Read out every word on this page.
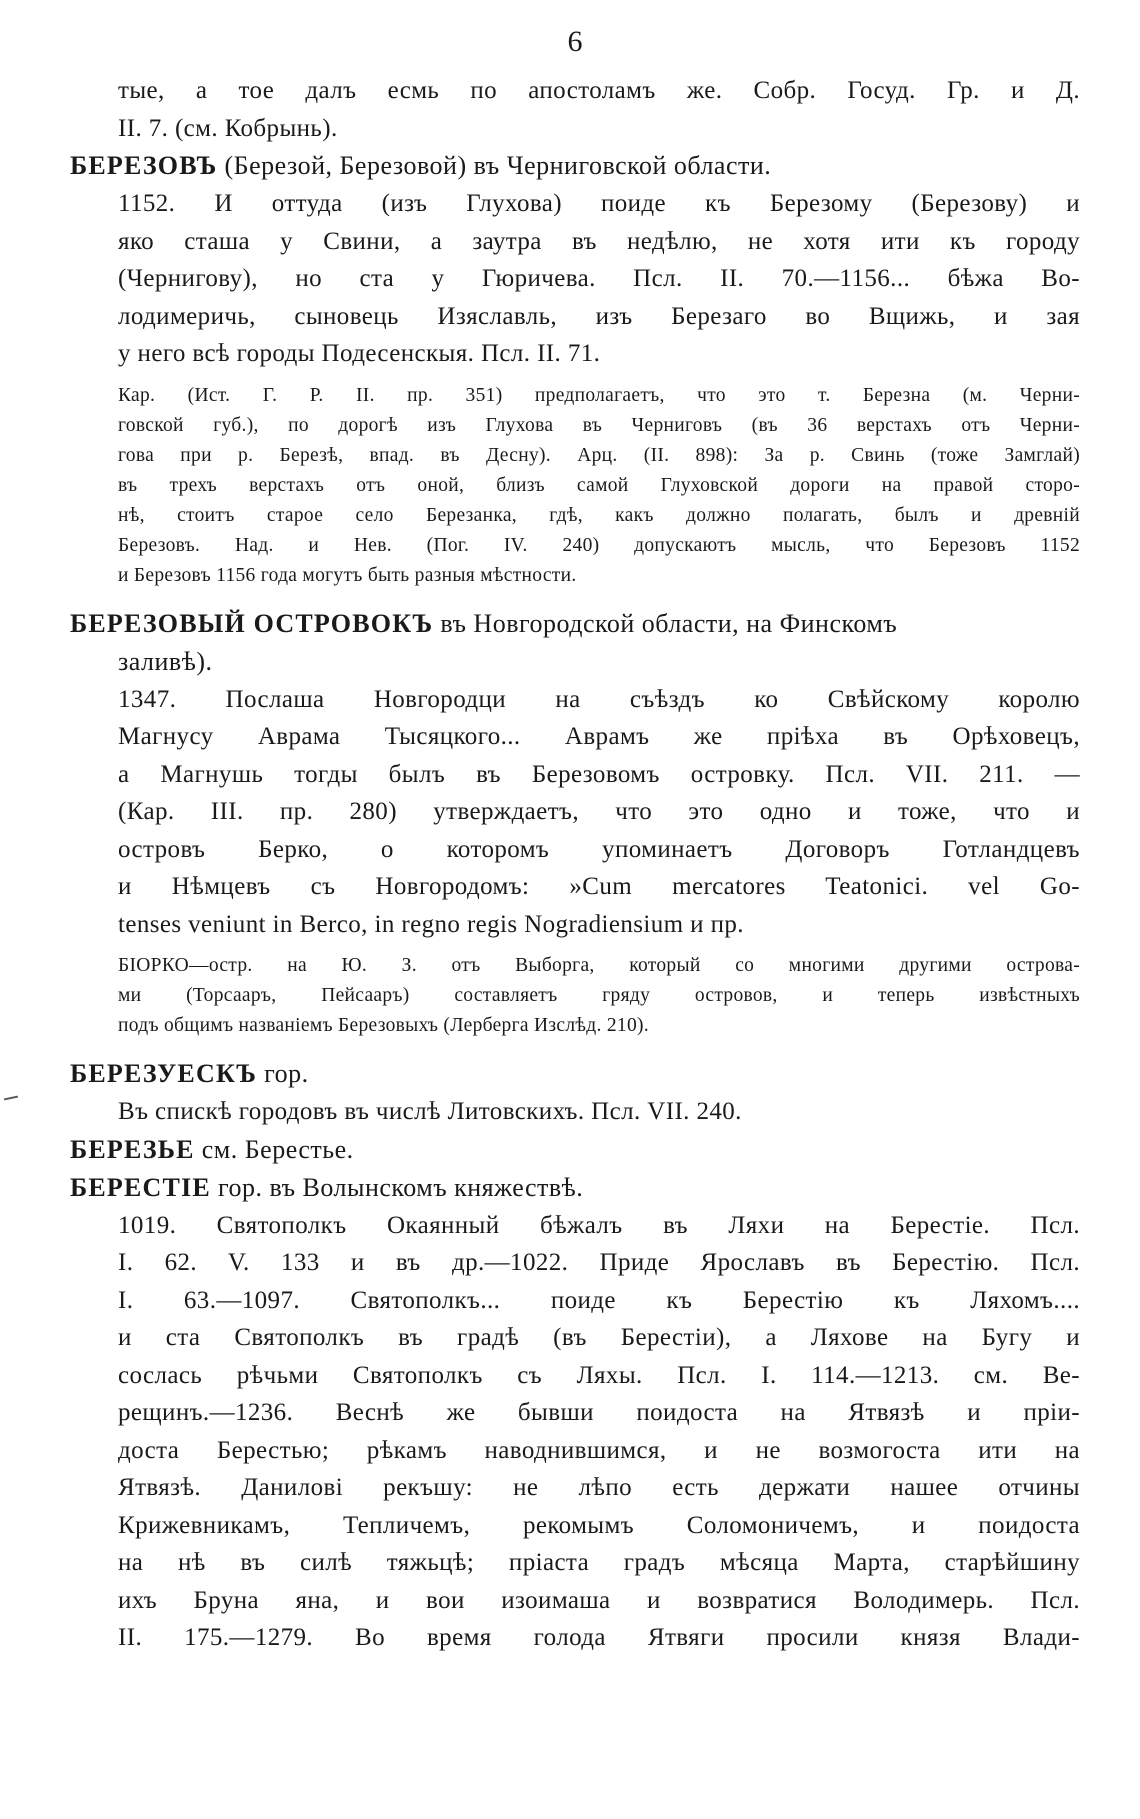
6
тые, а тое далъ есмь по апостоламъ же. Собр. Госуд. Гр. и Д.
II. 7. (см. Кобрынь).
БЕРЕЗОВЪ (Березой, Березовой) въ Черниговской области.
1152. И оттуда (изъ Глухова) поиде къ Березому (Березову) и
яко сташа у Свини, а заутра въ недѣлю, не хотя ити къ городу
(Чернигову), но ста у Гюричева. Псл. II. 70.—1156... бѣжа Во-
лодимеричь, сыновець Изяславль, изъ Березаго во Вщижь, и зая
у него всѣ городы Подесенскыя. Псл. II. 71.
Кар. (Ист. Г. Р. II. пр. 351) предполагаетъ, что это т. Березна (м. Черни-
говской губ.), по дорогѣ изъ Глухова въ Черниговъ (въ 36 верстахъ отъ Черни-
гова при р. Березѣ, впад. въ Десну). Арц. (II. 898): За р. Свинь (тоже Замглай)
въ трехъ верстахъ отъ оной, близъ самой Глуховской дороги на правой сторо-
нѣ, стоитъ старое село Березанка, гдѣ, какъ должно полагать, былъ и древній
Березовъ. Над. и Нев. (Пог. IV. 240) допускаютъ мысль, что Березовъ 1152
и Березовъ 1156 года могутъ быть разныя мѣстности.
БЕРЕЗОВЫЙ ОСТРОВОКЪ въ Новгородской области, на Финскомъ
заливѣ).
1347. Послаша Новгородци на съѣздъ ко Свѣйскому королю
Магнусу Аврама Тысяцкого... Аврамъ же пріѣха въ Орѣховецъ,
а Магнушь тогды былъ въ Березовомъ островку. Псл. VII. 211. —
(Кар. III. пр. 280) утверждаетъ, что это одно и тоже, что и
островъ Берко, о которомъ упоминаетъ Договоръ Готландцевъ
и Нѣмцевъ съ Новгородомъ: »Cum mercatores Teatonici. vel Go-
tenses veniunt in Berco, in regno regis Nogradiensium и пр.
БІОРКО—остр. на Ю. З. отъ Выборга, который со многими другими острова-
ми (Торсааръ, Пейсааръ) составляетъ гряду островов, и теперь извѣстныхъ
подъ общимъ названіемъ Березовыхъ (Лерберга Изслѣд. 210).
БЕРЕЗУЕСКЪ гор.
Въ спискѣ городовъ въ числѣ Литовскихъ. Псл. VII. 240.
БЕРЕЗЬЕ см. Берестье.
БЕРЕСТІЕ гор. въ Волынскомъ княжествѣ.
1019. Святополкъ Окаянный бѣжалъ въ Ляхи на Берестіе. Псл.
I. 62. V. 133 и въ др.—1022. Приде Ярославъ въ Берестію. Псл.
I. 63.—1097. Святополкъ... поиде къ Берестію къ Ляхомъ....
и ста Святополкъ въ градѣ (въ Берестіи), а Ляхове на Бугу и
сослась рѣчьми Святополкъ съ Ляхы. Псл. I. 114.—1213. см. Ве-
рещинъ.—1236. Веснѣ же бывши поидоста на Ятвязѣ и пріи-
доста Берестью; рѣкамъ наводнившимся, и не возмогоста ити на
Ятвязѣ. Даниловi рекъшу: не лѣпо есть держати нашее отчины
Крижевникамъ, Тепличемъ, рекомымъ Соломоничемъ, и поидоста
на нѣ въ силѣ тяжьцѣ; пріаста градъ мѣсяца Марта, старѣйшину
ихъ Бруна яна, и вои изоимаша и возвратися Володимерь. Псл.
II. 175.—1279. Во время голода Ятвяги просили князя Влади-
